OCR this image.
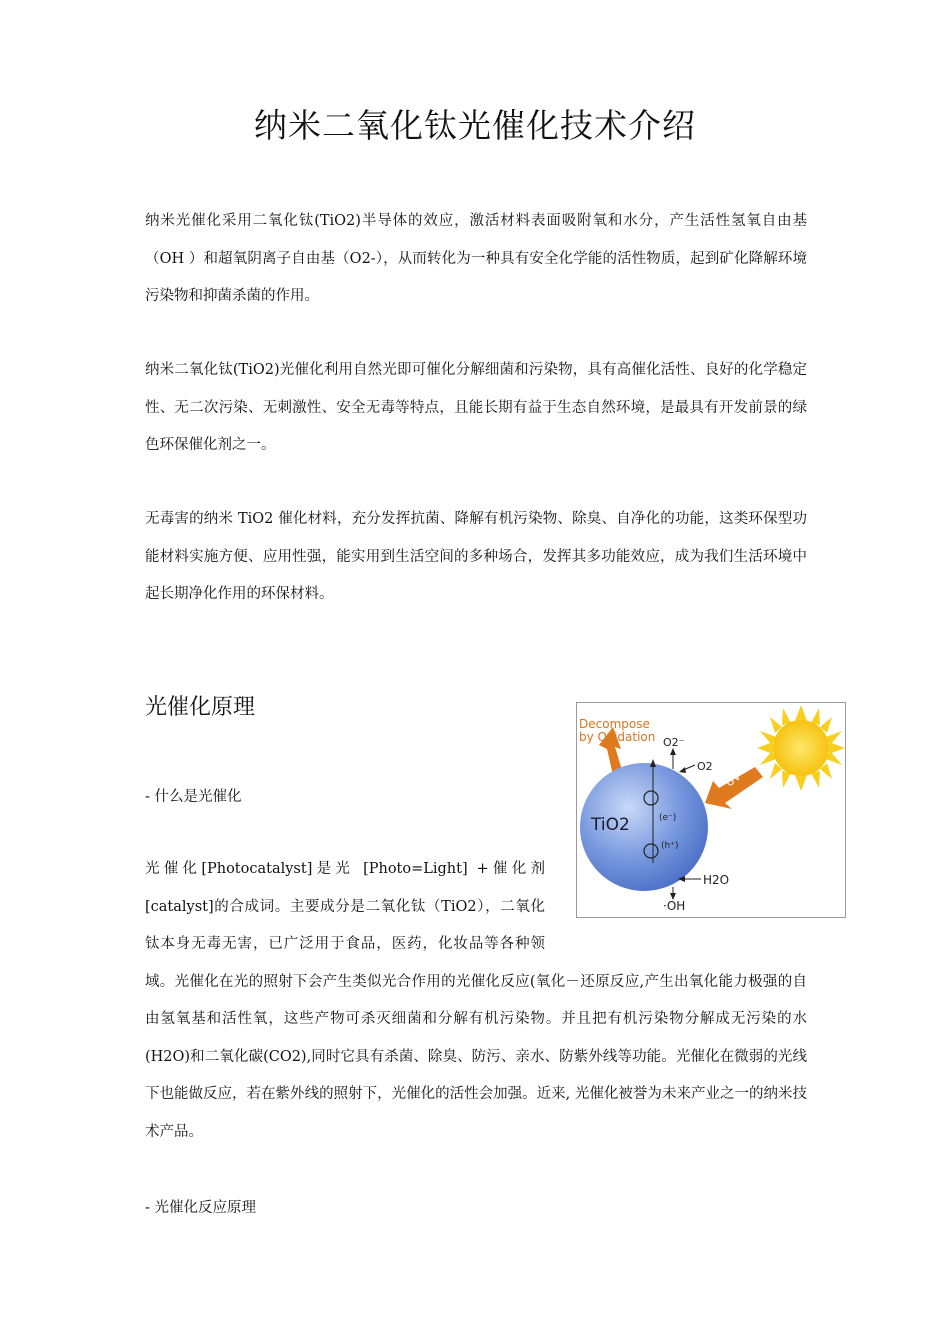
纳米二氧化钛光催化技术介绍

纳米光催化采用二氧化钛(TiO2)半导体的效应，激活材料表面吸附氧和水分，产生活性氢氧自由基（OH ）和超氧阴离子自由基（O2-），从而转化为一种具有安全化学能的活性物质，起到矿化降解环境污染物和抑菌杀菌的作用。

纳米二氧化钛(TiO2)光催化利用自然光即可催化分解细菌和污染物，具有高催化活性、良好的化学稳定性、无二次污染、无刺激性、安全无毒等特点，且能长期有益于生态自然环境，是最具有开发前景的绿色环保催化剂之一。

无毒害的纳米 TiO2 催化材料，充分发挥抗菌、降解有机污染物、除臭、自净化的功能，这类环保型功能材料实施方便、应用性强，能实用到生活空间的多种场合，发挥其多功能效应，成为我们生活环境中起长期净化作用的环保材料。

光催化原理

- 什么是光催化

光催化[Photocatalyst]是光 [Photo=Light] +催化剂[catalyst]的合成词。主要成分是二氧化钛（TiO2），二氧化钛本身无毒无害，已广泛用于食品，医药，化妆品等各种领域。光催化在光的照射下会产生类似光合作用的光催化反应(氧化－还原反应,产生出氧化能力极强的自由氢氧基和活性氧，这些产物可杀灭细菌和分解有机污染物。并且把有机污染物分解成无污染的水(H2O)和二氧化碳(CO2),同时它具有杀菌、除臭、防污、亲水、防紫外线等功能。光催化在微弱的光线下也能做反应，若在紫外线的照射下，光催化的活性会加强。近来, 光催化被誉为未来产业之一的纳米技术产品。

- 光催化反应原理

UV
Decompose
by Oxidation
TiO2	(e⁻)
(h⁺)
O2⁻
O2
H2O
·OH
